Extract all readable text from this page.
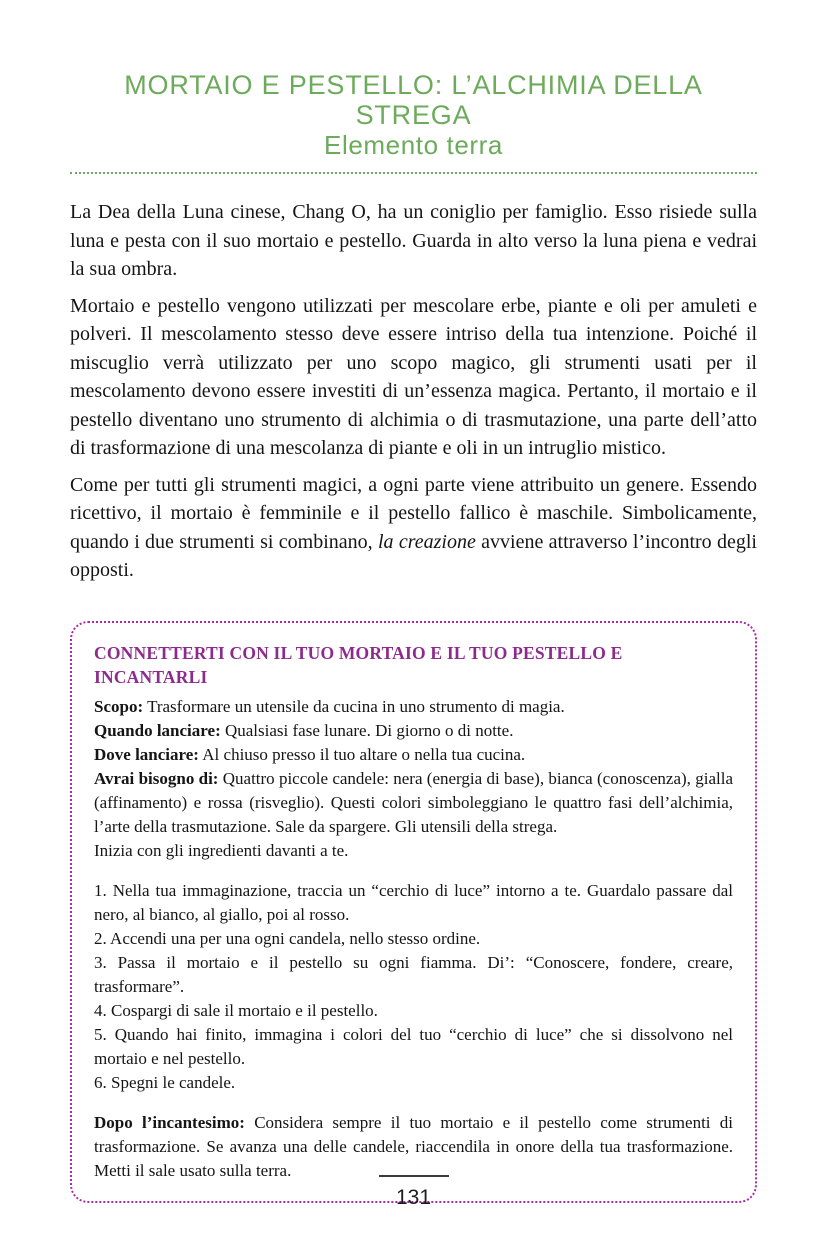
MORTAIO E PESTELLO: L’ALCHIMIA DELLA STREGA
Elemento terra

La Dea della Luna cinese, Chang O, ha un coniglio per famiglio. Esso risiede sulla luna e pesta con il suo mortaio e pestello. Guarda in alto verso la luna piena e vedrai la sua ombra.

Mortaio e pestello vengono utilizzati per mescolare erbe, piante e oli per amuleti e polveri. Il mescolamento stesso deve essere intriso della tua intenzione. Poiché il miscuglio verrà utilizzato per uno scopo magico, gli strumenti usati per il mescolamento devono essere investiti di un’essenza magica. Pertanto, il mortaio e il pestello diventano uno strumento di alchimia o di trasmutazione, una parte dell’atto di trasformazione di una mescolanza di piante e oli in un intruglio mistico.

Come per tutti gli strumenti magici, a ogni parte viene attribuito un genere. Essendo ricettivo, il mortaio è femminile e il pestello fallico è maschile. Simbolicamente, quando i due strumenti si combinano, la creazione avviene attraverso l’incontro degli opposti.

CONNETTERTI CON IL TUO MORTAIO E IL TUO PESTELLO E INCANTARLI

Scopo: Trasformare un utensile da cucina in uno strumento di magia.

Quando lanciare: Qualsiasi fase lunare. Di giorno o di notte.

Dove lanciare: Al chiuso presso il tuo altare o nella tua cucina.

Avrai bisogno di: Quattro piccole candele: nera (energia di base), bianca (conoscenza), gialla (affinamento) e rossa (risveglio). Questi colori simboleggiano le quattro fasi dell’alchimia, l’arte della trasmutazione. Sale da spargere. Gli utensili della strega.

Inizia con gli ingredienti davanti a te.

1. Nella tua immaginazione, traccia un “cerchio di luce” intorno a te. Guardalo passare dal nero, al bianco, al giallo, poi al rosso.

2. Accendi una per una ogni candela, nello stesso ordine.

3. Passa il mortaio e il pestello su ogni fiamma. Di’: “Conoscere, fondere, creare, trasformare”.

4. Cospargi di sale il mortaio e il pestello.

5. Quando hai finito, immagina i colori del tuo “cerchio di luce” che si dissolvono nel mortaio e nel pestello.

6. Spegni le candele.

Dopo l’incantesimo: Considera sempre il tuo mortaio e il pestello come strumenti di trasformazione. Se avanza una delle candele, riaccendila in onore della tua trasformazione. Metti il sale usato sulla terra.

131
